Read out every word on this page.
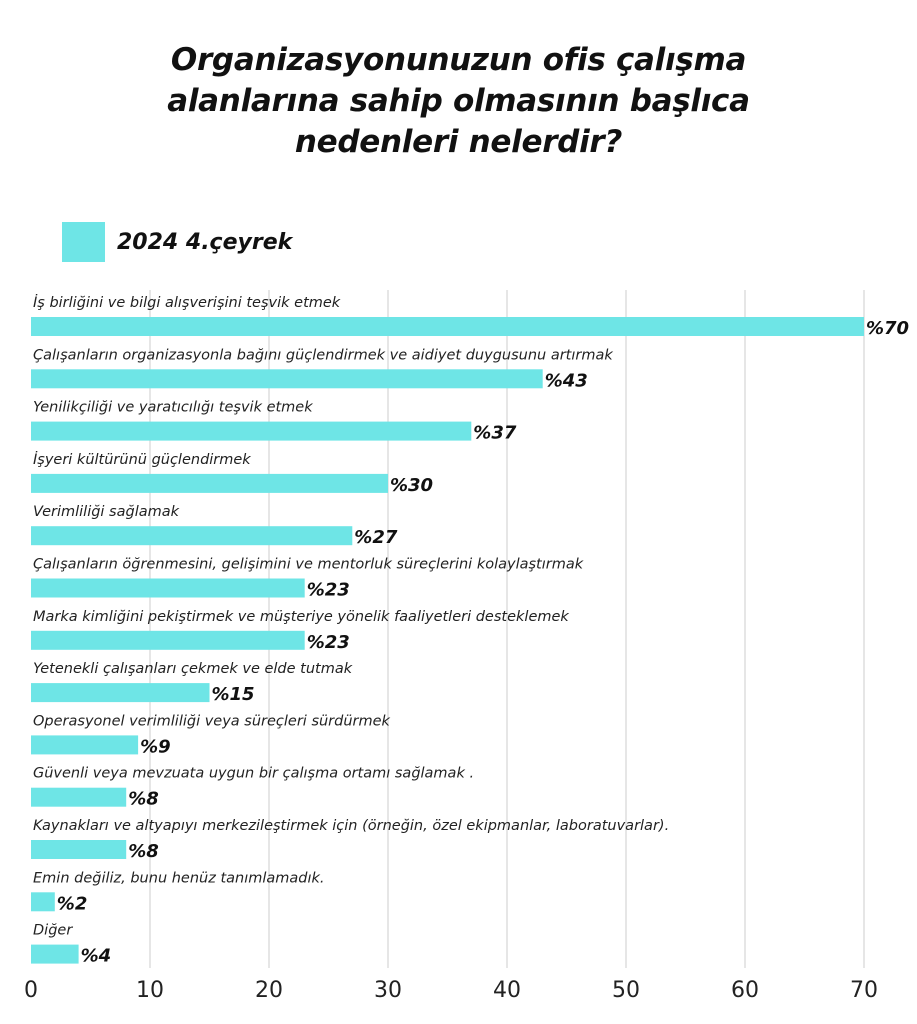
Organizasyonunuzun ofis çalışma
alanlarına sahip olmasının başlıca
nedenleri nelerdir?
2024 4.çeyrek
0	10	20	30	40	50	60	70
İş birliğini ve bilgi alışverişini teşvik etmek
%70
Çalışanların organizasyonla bağını güçlendirmek ve aidiyet duygusunu artırmak
%43
Yenilikçiliği ve yaratıcılığı teşvik etmek
%37
İşyeri kültürünü güçlendirmek
%30
Verimliliği sağlamak
%27
Çalışanların öğrenmesini, gelişimini ve mentorluk süreçlerini kolaylaştırmak
%23
Marka kimliğini pekiştirmek ve müşteriye yönelik faaliyetleri desteklemek
%23
Yetenekli çalışanları çekmek ve elde tutmak
%15
Operasyonel verimliliği veya süreçleri sürdürmek
%9
Güvenli veya mevzuata uygun bir çalışma ortamı sağlamak .
%8
Kaynakları ve altyapıyı merkezileştirmek için (örneğin, özel ekipmanlar, laboratuvarlar).
%8
Emin değiliz, bunu henüz tanımlamadık.
%2
Diğer
%4
